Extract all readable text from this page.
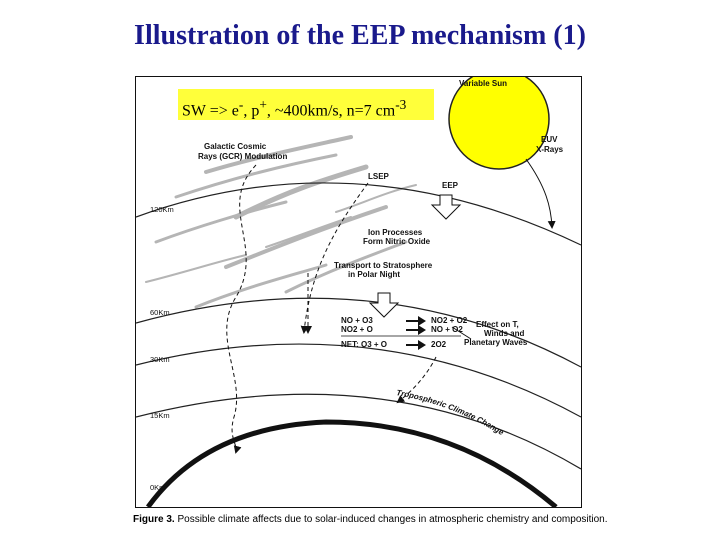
Illustration of the EEP mechanism (1)
120Km
60Km
30Km
15Km
0Km
Variable Sun
EUV
X-Rays
Galactic Cosmic
Rays (GCR) Modulation
LSEP
EEP
Ion Processes
Form Nitric Oxide
Transport to Stratosphere
in Polar Night
NO + O3	NO2 + O2
NO2 + O	NO + O2
NET: O3 + O	2O2
Effect on T,
Winds and
Planetary Waves
Tropospheric Climate Change
SW => e-, p+, ~400km/s, n=7 $cm^{-3}$
Figure 3. Possible climate affects due to solar-induced changes in atmospheric chemistry and composition.
